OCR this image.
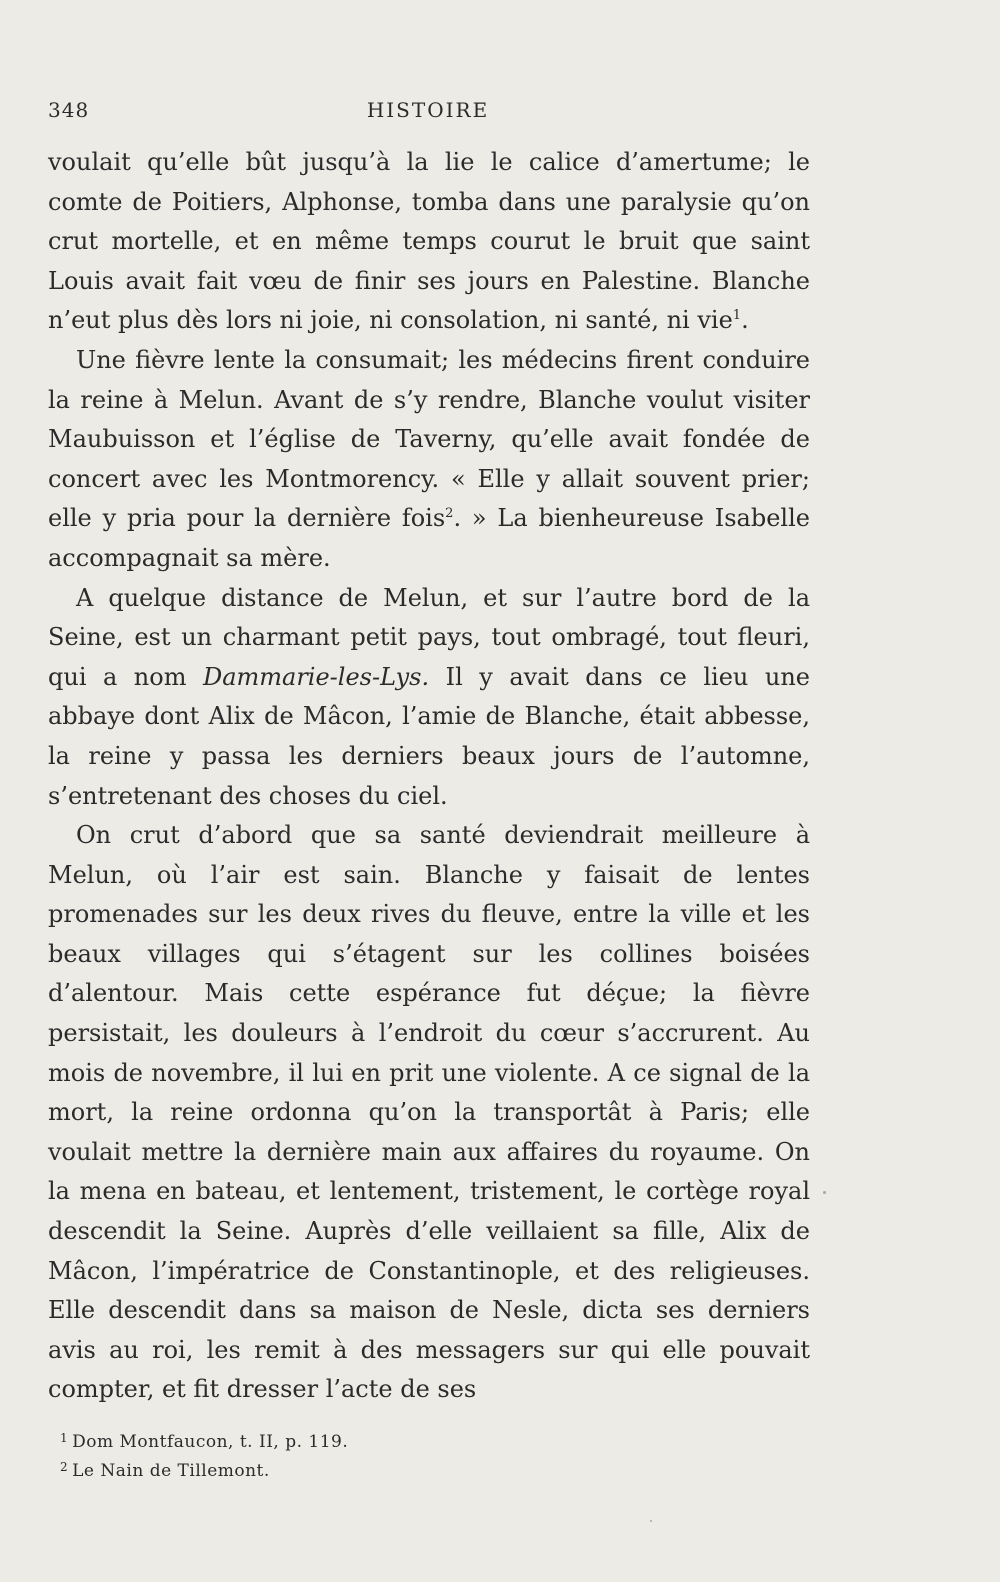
348	HISTOIRE

voulait qu’elle bût jusqu’à la lie le calice d’amertume; le comte de Poitiers, Alphonse, tomba dans une paralysie qu’on crut mortelle, et en même temps courut le bruit que saint Louis avait fait vœu de finir ses jours en Palestine. Blanche n’eut plus dès lors ni joie, ni consolation, ni santé, ni vie$^1$.

Une fièvre lente la consumait; les médecins firent conduire la reine à Melun. Avant de s’y rendre, Blanche voulut visiter Maubuisson et l’église de Taverny, qu’elle avait fondée de concert avec les Montmorency. « Elle y allait souvent prier; elle y pria pour la dernière fois$^2$. » La bienheureuse Isabelle accompagnait sa mère.

A quelque distance de Melun, et sur l’autre bord de la Seine, est un charmant petit pays, tout ombragé, tout fleuri, qui a nom Dammarie-les-Lys. Il y avait dans ce lieu une abbaye dont Alix de Mâcon, l’amie de Blanche, était abbesse, la reine y passa les derniers beaux jours de l’automne, s’entretenant des choses du ciel.

On crut d’abord que sa santé deviendrait meilleure à Melun, où l’air est sain. Blanche y faisait de lentes promenades sur les deux rives du fleuve, entre la ville et les beaux villages qui s’étagent sur les collines boisées d’alentour. Mais cette espérance fut déçue; la fièvre persistait, les douleurs à l’endroit du cœur s’accrurent. Au mois de novembre, il lui en prit une violente. A ce signal de la mort, la reine ordonna qu’on la transportât à Paris; elle voulait mettre la dernière main aux affaires du royaume. On la mena en bateau, et lentement, tristement, le cortège royal descendit la Seine. Auprès d’elle veillaient sa fille, Alix de Mâcon, l’impératrice de Constantinople, et des religieuses. Elle descendit dans sa maison de Nesle, dicta ses derniers avis au roi, les remit à des messagers sur qui elle pouvait compter, et fit dresser l’acte de ses

$^1$ Dom Montfaucon, t. II, p. 119.
$^2$ Le Nain de Tillemont.
